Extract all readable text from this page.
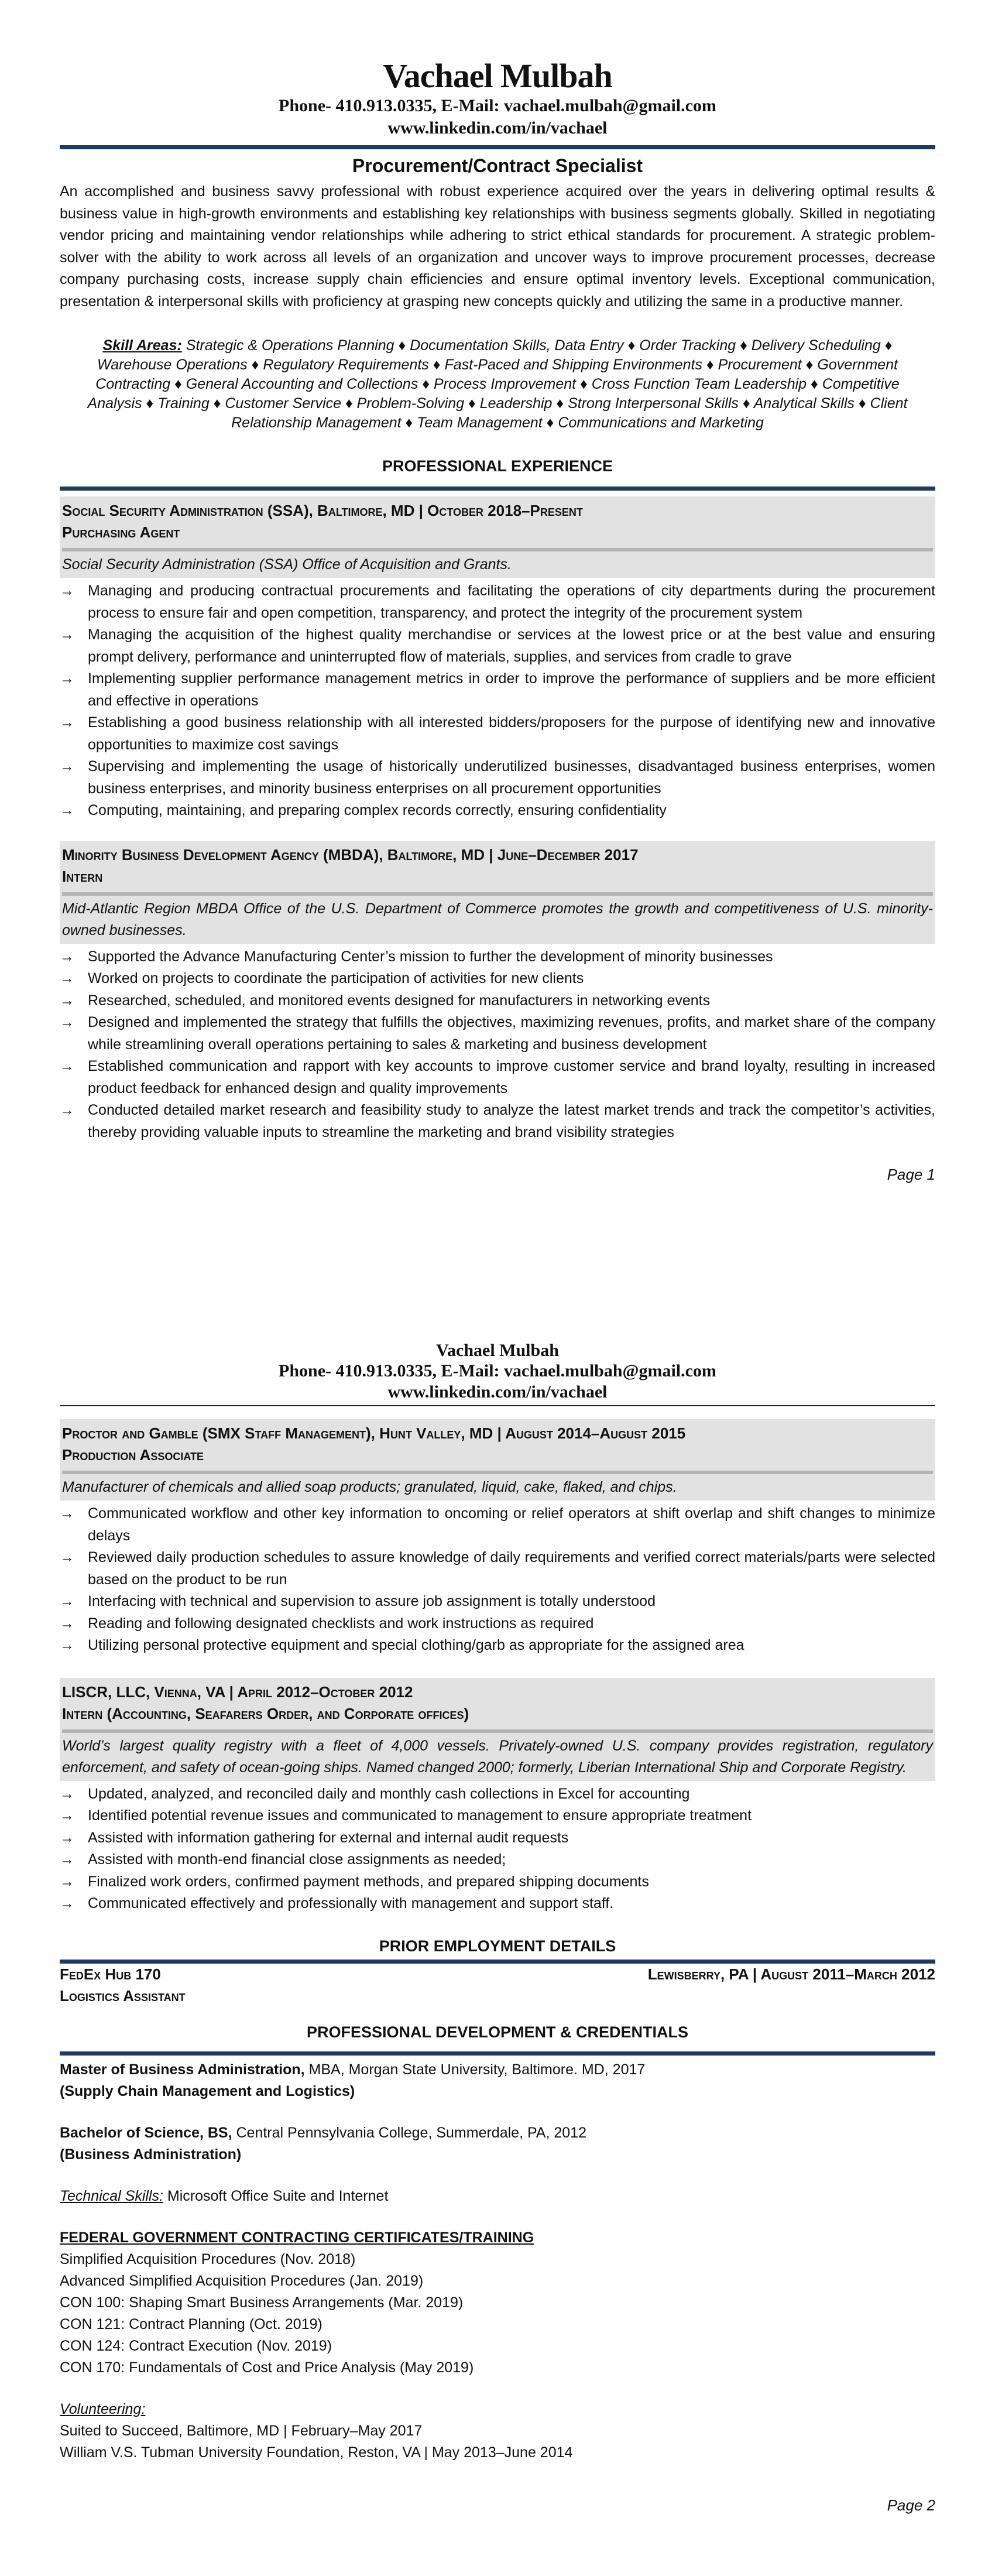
Vachael Mulbah
Phone- 410.913.0335, E-Mail: vachael.mulbah@gmail.com
www.linkedin.com/in/vachael
Procurement/Contract Specialist
An accomplished and business savvy professional with robust experience acquired over the years in delivering optimal results & business value in high-growth environments and establishing key relationships with business segments globally. Skilled in negotiating vendor pricing and maintaining vendor relationships while adhering to strict ethical standards for procurement. A strategic problem-solver with the ability to work across all levels of an organization and uncover ways to improve procurement processes, decrease company purchasing costs, increase supply chain efficiencies and ensure optimal inventory levels. Exceptional communication, presentation & interpersonal skills with proficiency at grasping new concepts quickly and utilizing the same in a productive manner.
Skill Areas: Strategic & Operations Planning ♦ Documentation Skills, Data Entry ♦ Order Tracking ♦ Delivery Scheduling ♦ Warehouse Operations ♦ Regulatory Requirements ♦ Fast-Paced and Shipping Environments ♦ Procurement ♦ Government Contracting ♦ General Accounting and Collections ♦ Process Improvement ♦ Cross Function Team Leadership ♦ Competitive Analysis ♦ Training ♦ Customer Service ♦ Problem-Solving ♦ Leadership ♦ Strong Interpersonal Skills ♦ Analytical Skills ♦ Client Relationship Management ♦ Team Management ♦ Communications and Marketing
PROFESSIONAL EXPERIENCE
Social Security Administration (SSA), Baltimore, MD | October 2018–Present
Purchasing Agent
Social Security Administration (SSA) Office of Acquisition and Grants.
→ Managing and producing contractual procurements and facilitating the operations of city departments during the procurement process to ensure fair and open competition, transparency, and protect the integrity of the procurement system
→ Managing the acquisition of the highest quality merchandise or services at the lowest price or at the best value and ensuring prompt delivery, performance and uninterrupted flow of materials, supplies, and services from cradle to grave
→ Implementing supplier performance management metrics in order to improve the performance of suppliers and be more efficient and effective in operations
→ Establishing a good business relationship with all interested bidders/proposers for the purpose of identifying new and innovative opportunities to maximize cost savings
→ Supervising and implementing the usage of historically underutilized businesses, disadvantaged business enterprises, women business enterprises, and minority business enterprises on all procurement opportunities
→ Computing, maintaining, and preparing complex records correctly, ensuring confidentiality
Minority Business Development Agency (MBDA), Baltimore, MD | June–December 2017
Intern
Mid-Atlantic Region MBDA Office of the U.S. Department of Commerce promotes the growth and competitiveness of U.S. minority-owned businesses.
→ Supported the Advance Manufacturing Center’s mission to further the development of minority businesses
→ Worked on projects to coordinate the participation of activities for new clients
→ Researched, scheduled, and monitored events designed for manufacturers in networking events
→ Designed and implemented the strategy that fulfills the objectives, maximizing revenues, profits, and market share of the company while streamlining overall operations pertaining to sales & marketing and business development
→ Established communication and rapport with key accounts to improve customer service and brand loyalty, resulting in increased product feedback for enhanced design and quality improvements
→ Conducted detailed market research and feasibility study to analyze the latest market trends and track the competitor’s activities, thereby providing valuable inputs to streamline the marketing and brand visibility strategies
Page 1
Vachael Mulbah
Phone- 410.913.0335, E-Mail: vachael.mulbah@gmail.com
www.linkedin.com/in/vachael
Proctor and Gamble (SMX Staff Management), Hunt Valley, MD | August 2014–August 2015
Production Associate
Manufacturer of chemicals and allied soap products; granulated, liquid, cake, flaked, and chips.
→ Communicated workflow and other key information to oncoming or relief operators at shift overlap and shift changes to minimize delays
→ Reviewed daily production schedules to assure knowledge of daily requirements and verified correct materials/parts were selected based on the product to be run
→ Interfacing with technical and supervision to assure job assignment is totally understood
→ Reading and following designated checklists and work instructions as required
→ Utilizing personal protective equipment and special clothing/garb as appropriate for the assigned area
LISCR, LLC, Vienna, VA | April 2012–October 2012
Intern (Accounting, Seafarers Order, and Corporate offices)
World’s largest quality registry with a fleet of 4,000 vessels. Privately-owned U.S. company provides registration, regulatory enforcement, and safety of ocean-going ships. Named changed 2000; formerly, Liberian International Ship and Corporate Registry.
→ Updated, analyzed, and reconciled daily and monthly cash collections in Excel for accounting
→ Identified potential revenue issues and communicated to management to ensure appropriate treatment
→ Assisted with information gathering for external and internal audit requests
→ Assisted with month-end financial close assignments as needed;
→ Finalized work orders, confirmed payment methods, and prepared shipping documents
→ Communicated effectively and professionally with management and support staff.
PRIOR EMPLOYMENT DETAILS
FedEx Hub 170	Lewisberry, PA | August 2011–March 2012
Logistics Assistant
PROFESSIONAL DEVELOPMENT & CREDENTIALS
Master of Business Administration, MBA, Morgan State University, Baltimore. MD, 2017
(Supply Chain Management and Logistics)
Bachelor of Science, BS, Central Pennsylvania College, Summerdale, PA, 2012
(Business Administration)
Technical Skills: Microsoft Office Suite and Internet
FEDERAL GOVERNMENT CONTRACTING CERTIFICATES/TRAINING
Simplified Acquisition Procedures (Nov. 2018)
Advanced Simplified Acquisition Procedures (Jan. 2019)
CON 100: Shaping Smart Business Arrangements (Mar. 2019)
CON 121: Contract Planning (Oct. 2019)
CON 124: Contract Execution (Nov. 2019)
CON 170: Fundamentals of Cost and Price Analysis (May 2019)
Volunteering:
Suited to Succeed, Baltimore, MD | February–May 2017
William V.S. Tubman University Foundation, Reston, VA | May 2013–June 2014
Page 2
